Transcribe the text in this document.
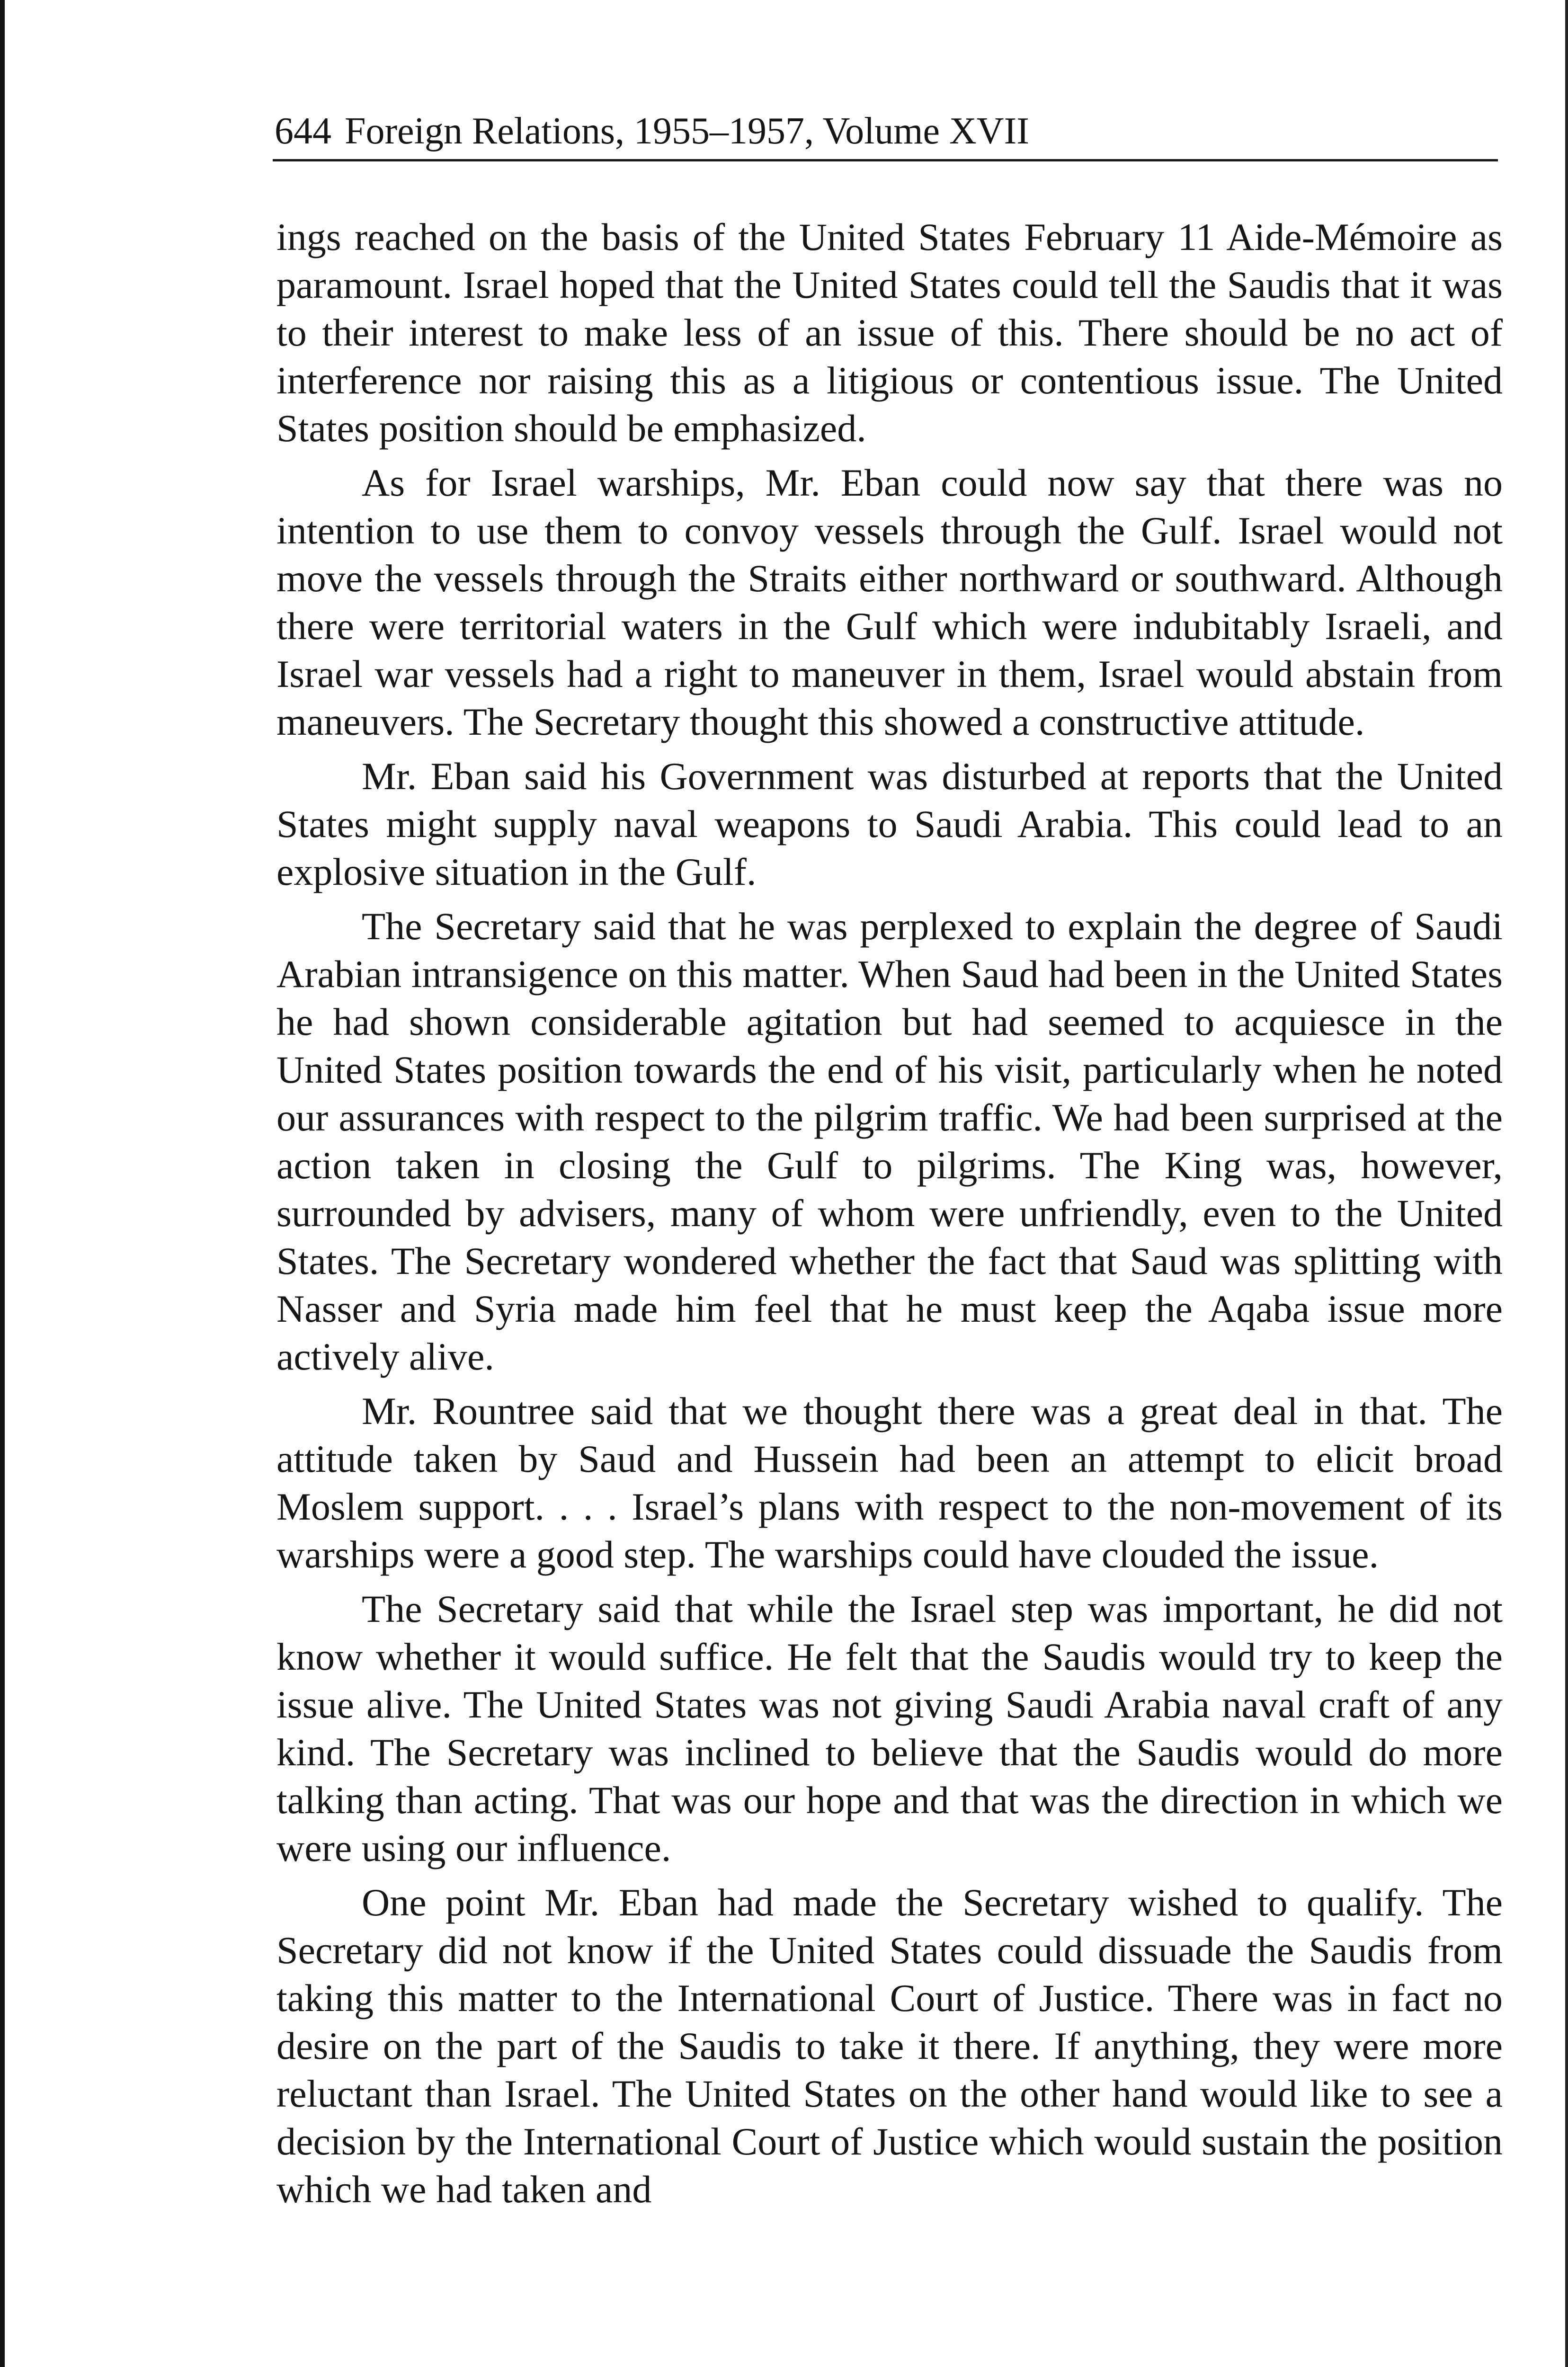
644 Foreign Relations, 1955–1957, Volume XVII

ings reached on the basis of the United States February 11 Aide-Mémoire as paramount. Israel hoped that the United States could tell the Saudis that it was to their interest to make less of an issue of this. There should be no act of interference nor raising this as a litigious or contentious issue. The United States position should be emphasized.

As for Israel warships, Mr. Eban could now say that there was no intention to use them to convoy vessels through the Gulf. Israel would not move the vessels through the Straits either northward or southward. Although there were territorial waters in the Gulf which were indubitably Israeli, and Israel war vessels had a right to maneuver in them, Israel would abstain from maneuvers. The Secretary thought this showed a constructive attitude.

Mr. Eban said his Government was disturbed at reports that the United States might supply naval weapons to Saudi Arabia. This could lead to an explosive situation in the Gulf.

The Secretary said that he was perplexed to explain the degree of Saudi Arabian intransigence on this matter. When Saud had been in the United States he had shown considerable agitation but had seemed to acquiesce in the United States position towards the end of his visit, particularly when he noted our assurances with respect to the pilgrim traffic. We had been surprised at the action taken in closing the Gulf to pilgrims. The King was, however, surrounded by advisers, many of whom were unfriendly, even to the United States. The Secretary wondered whether the fact that Saud was splitting with Nasser and Syria made him feel that he must keep the Aqaba issue more actively alive.

Mr. Rountree said that we thought there was a great deal in that. The attitude taken by Saud and Hussein had been an attempt to elicit broad Moslem support. . . . Israel’s plans with respect to the non-movement of its warships were a good step. The warships could have clouded the issue.

The Secretary said that while the Israel step was important, he did not know whether it would suffice. He felt that the Saudis would try to keep the issue alive. The United States was not giving Saudi Arabia naval craft of any kind. The Secretary was inclined to believe that the Saudis would do more talking than acting. That was our hope and that was the direction in which we were using our influence.

One point Mr. Eban had made the Secretary wished to qualify. The Secretary did not know if the United States could dissuade the Saudis from taking this matter to the International Court of Justice. There was in fact no desire on the part of the Saudis to take it there. If anything, they were more reluctant than Israel. The United States on the other hand would like to see a decision by the International Court of Justice which would sustain the position which we had taken and
